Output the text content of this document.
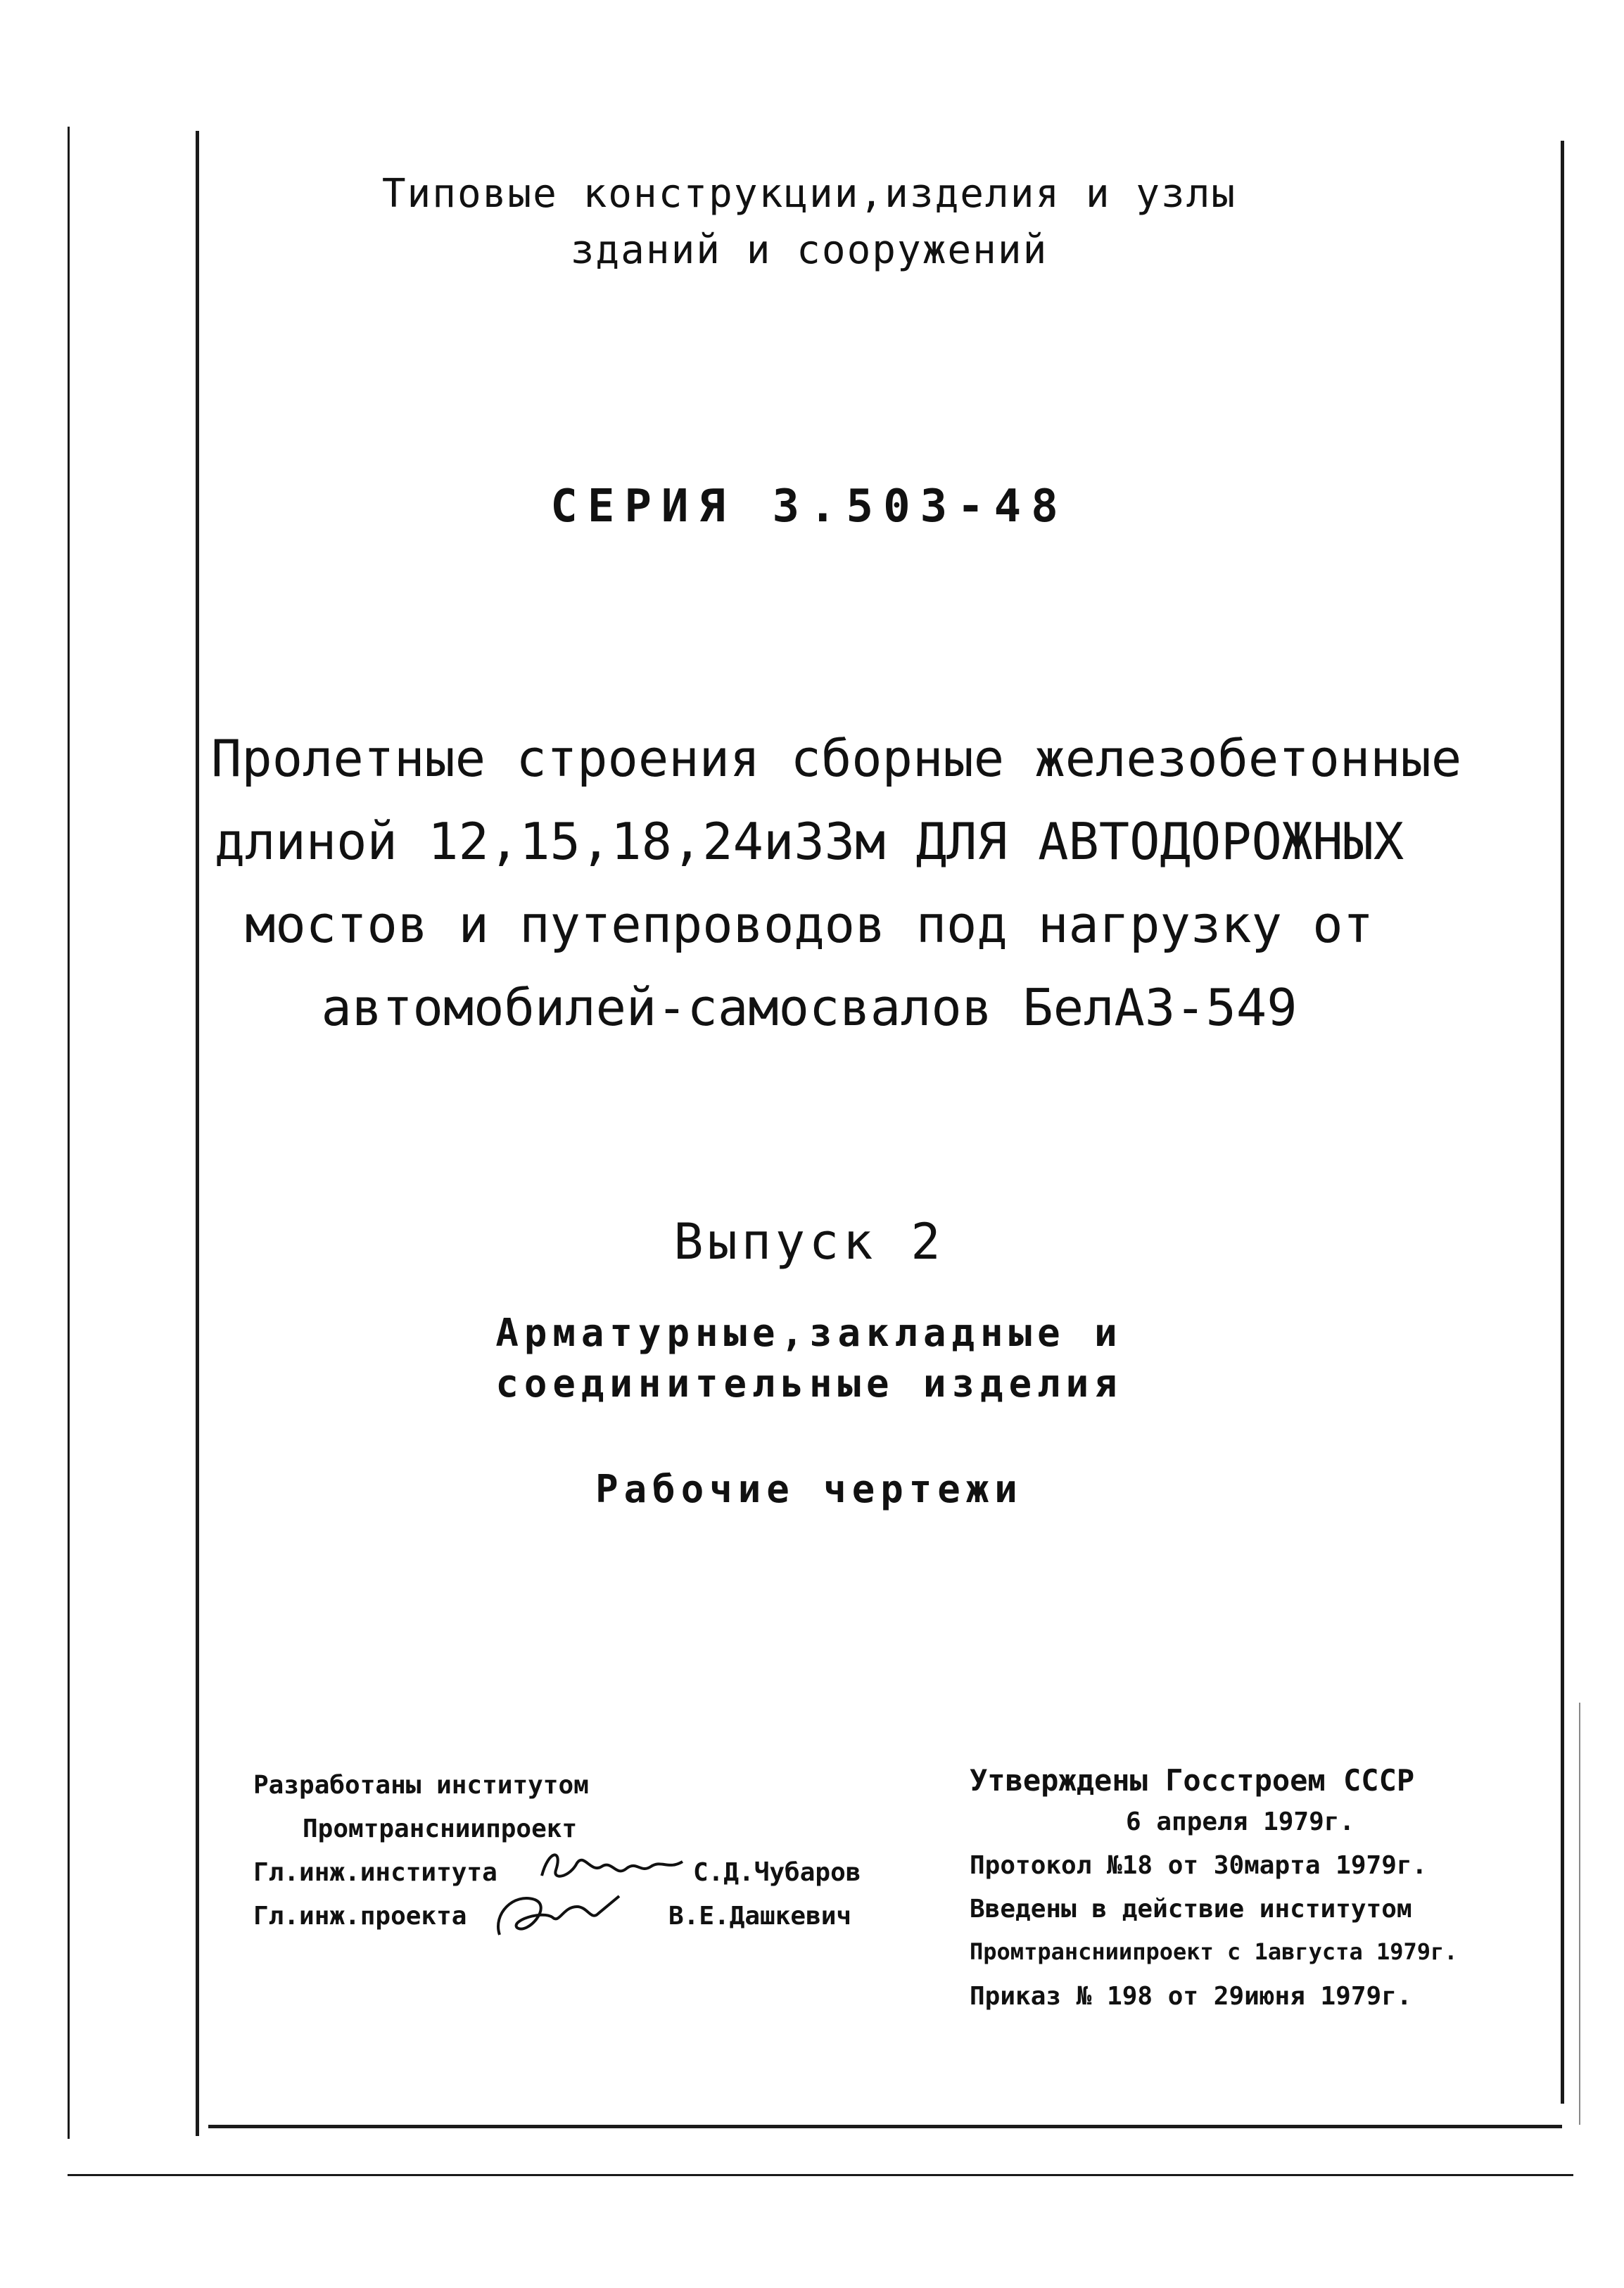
Типовые конструкции,изделия и узлы
зданий и сооружений
СЕРИЯ 3.503-48
Пролетные строения сборные железобетонные
длиной 12,15,18,24и33м ДЛЯ АВТОДОРОЖНЫХ
мостов и путепроводов под нагрузку от
автомобилей-самосвалов БелАЗ-549
Выпуск 2
Арматурные,закладные и
соединительные изделия
Рабочие чертежи
Разработаны институтом
Промтрансниипроект
Гл.инж.института	С.Д.Чубаров
Гл.инж.проекта	В.Е.Дашкевич
Утверждены Госстроем СССР
6 апреля 1979г.
Протокол №18 от 30марта 1979г.
Введены в действие институтом
Промтрансниипроект с 1августа 1979г.
Приказ № 198 от 29июня 1979г.
